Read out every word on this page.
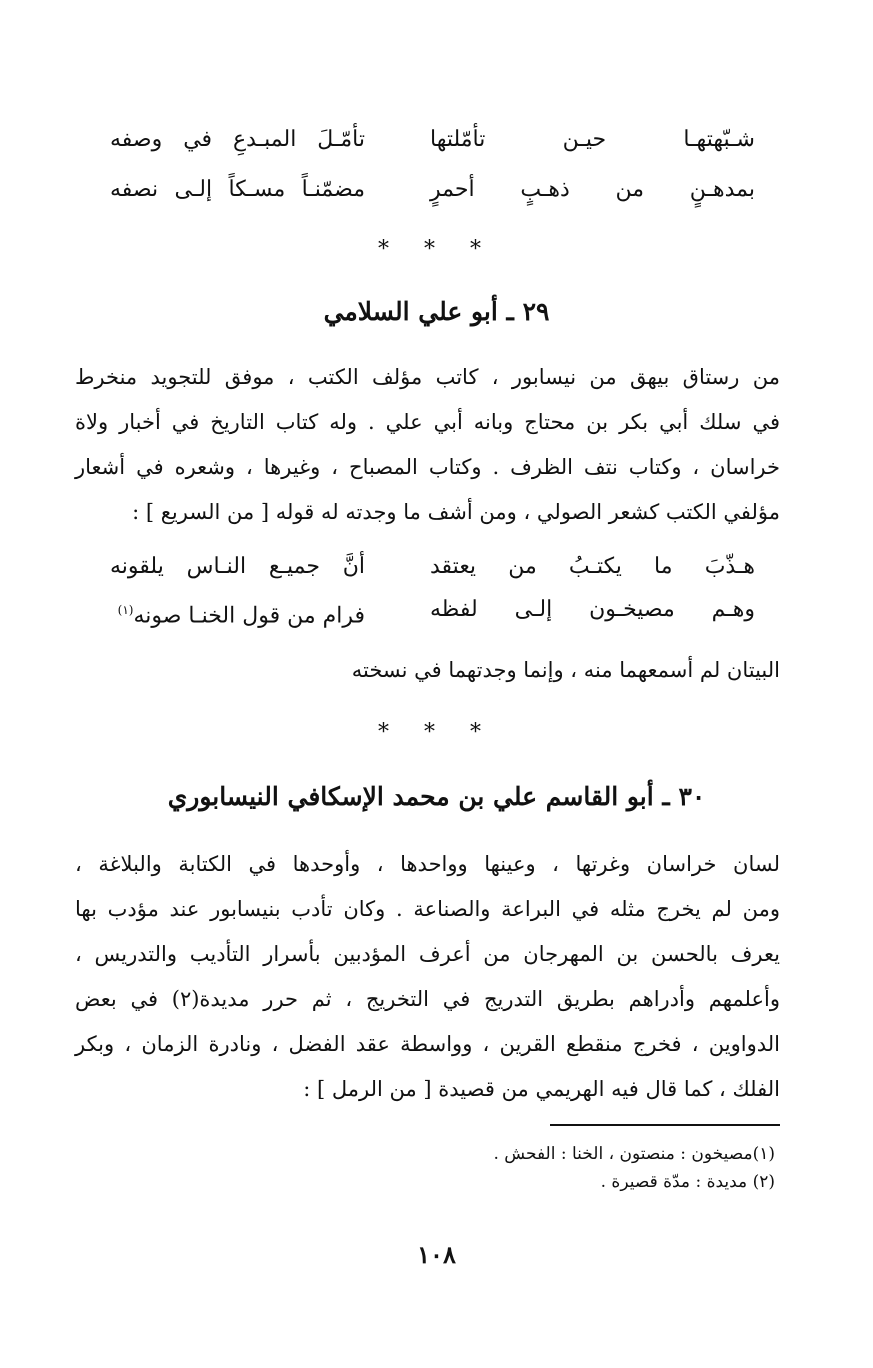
شـبّهتهـا حيـن تأمّلتها
تأمّـلَ المبـدعِ في وصفه
بمدهـنٍ من ذهـبٍ أحمرٍ
مضمّنـاً مسـكاً إلـى نصفه
* * *
٢٩ ـ أبو علي السلامي
من رستاق بيهق من نيسابور ، كاتب مؤلف الكتب ، موفق للتجويد منخرط
في سلك أبي بكر بن محتاج وبانه أبي علي . وله كتاب التاريخ في أخبار ولاة
خراسان ، وكتاب نتف الظرف . وكتاب المصباح ، وغيرها ، وشعره في أشعار
مؤلفي الكتب كشعر الصولي ، ومن أشف ما وجدته له قوله [ من السريع ] :
هـذّبَ ما يكتـبُ من يعتقد
أنَّ جميـع النـاس يلقونه
وهـم مصيخـون إلـى لفظه
فرام من قول الخنـا صونه$^{(١)}$
البيتان لم أسمعهما منه ، وإنما وجدتهما في نسخته
* * *
٣٠ ـ أبو القاسم علي بن محمد الإسكافي النيسابوري
لسان خراسان وغرتها ، وعينها وواحدها ، وأوحدها في الكتابة والبلاغة ،
ومن لم يخرج مثله في البراعة والصناعة . وكان تأدب بنيسابور عند مؤدب بها
يعرف بالحسن بن المهرجان من أعرف المؤدبين بأسرار التأديب والتدريس ،
وأعلمهم وأدراهم بطريق التدريج في التخريج ، ثم حرر مديدة(٢) في بعض
الدواوين ، فخرج منقطع القرين ، وواسطة عقد الفضل ، ونادرة الزمان ، وبكر
الفلك ، كما قال فيه الهريمي من قصيدة [ من الرمل ] :
(١)مصيخون : منصتون ، الخنا : الفحش .
(٢) مديدة : مدّة قصيرة .
١٠٨
